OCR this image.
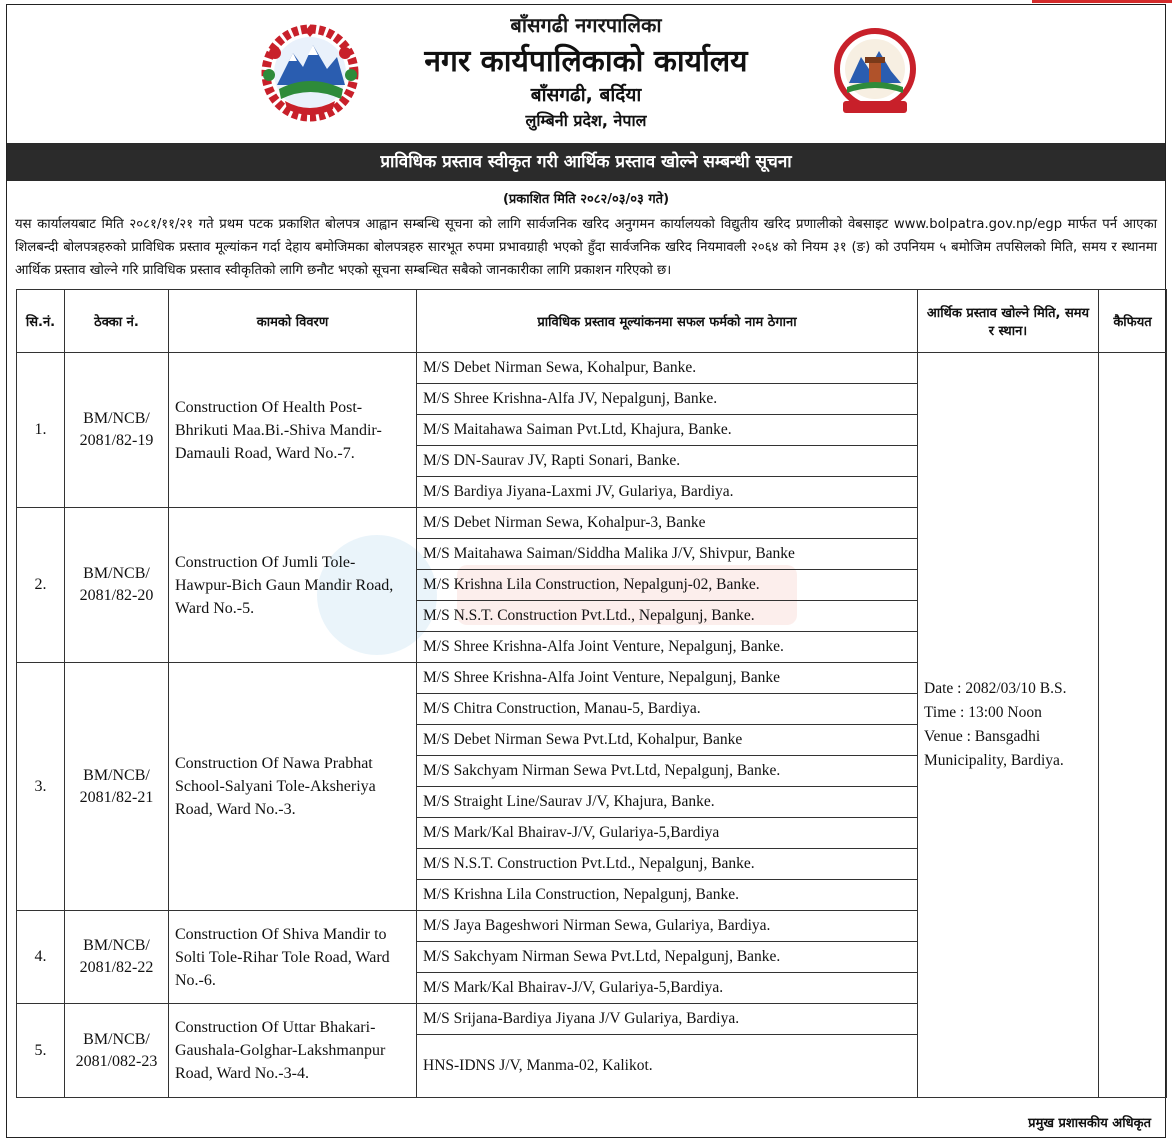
बाँसगढी नगरपालिका
नगर कार्यपालिकाको कार्यालय
बाँसगढी, बर्दिया
लुम्बिनी प्रदेश, नेपाल
प्राविधिक प्रस्ताव स्वीकृत गरी आर्थिक प्रस्ताव खोल्ने सम्बन्धी सूचना
(प्रकाशित मिति २०८२/०३/०३ गते)
यस कार्यालयबाट मिति २०८१/११/२१ गते प्रथम पटक प्रकाशित बोलपत्र आह्वान सम्बन्धि सूचना को लागि सार्वजनिक खरिद अनुगमन कार्यालयको विद्युतीय खरिद प्रणालीको वेबसाइट www.bolpatra.gov.np/egp मार्फत पर्न आएका शिलबन्दी बोलपत्रहरुको प्राविधिक प्रस्ताव मूल्यांकन गर्दा देहाय बमोजिमका बोलपत्रहरु सारभूत रुपमा प्रभावग्राही भएको हुँदा सार्वजनिक खरिद नियमावली २०६४ को नियम ३१ (ङ) को उपनियम ५ बमोजिम तपसिलको मिति, समय र स्थानमा आर्थिक प्रस्ताव खोल्ने गरि प्राविधिक प्रस्ताव स्वीकृतिको लागि छनौट भएको सूचना सम्बन्धित सबैको जानकारीका लागि प्रकाशन गरिएको छ।
सि.नं.	ठेक्का नं.	कामको विवरण	प्राविधिक प्रस्ताव मूल्यांकनमा सफल फर्मको नाम ठेगाना	आर्थिक प्रस्ताव खोल्ने मिति, समय र स्थान।	कैफियत
1.	BM/NCB/ 2081/82-19	Construction Of Health Post-Bhrikuti Maa.Bi.-Shiva Mandir-Damauli Road, Ward No.-7.	M/S Debet Nirman Sewa, Kohalpur, Banke.	Date : 2082/03/10 B.S.
Time : 13:00 Noon
Venue : Bansgadhi Municipality, Bardiya.	

			M/S Shree Krishna-Alfa JV, Nepalgunj, Banke.		
			M/S Maitahawa Saiman Pvt.Ltd, Khajura, Banke.		
			M/S DN-Saurav JV, Rapti Sonari, Banke.		
			M/S Bardiya Jiyana-Laxmi JV, Gulariya, Bardiya.		
2.	BM/NCB/ 2081/82-20	Construction Of Jumli Tole-Hawpur-Bich Gaun Mandir Road, Ward No.-5.	M/S Debet Nirman Sewa, Kohalpur-3, Banke		
			M/S Maitahawa Saiman/Siddha Malika J/V, Shivpur, Banke		
			M/S Krishna Lila Construction, Nepalgunj-02, Banke.		
			M/S N.S.T. Construction Pvt.Ltd., Nepalgunj, Banke.		
			M/S Shree Krishna-Alfa Joint Venture, Nepalgunj, Banke.		
3.	BM/NCB/ 2081/82-21	Construction Of Nawa Prabhat School-Salyani Tole-Aksheriya Road, Ward No.-3.	M/S Shree Krishna-Alfa Joint Venture, Nepalgunj, Banke		
			M/S Chitra Construction, Manau-5, Bardiya.		
			M/S Debet Nirman Sewa Pvt.Ltd, Kohalpur, Banke		
			M/S Sakchyam Nirman Sewa Pvt.Ltd, Nepalgunj, Banke.		
			M/S Straight Line/Saurav J/V, Khajura, Banke.		
			M/S Mark/Kal Bhairav-J/V, Gulariya-5,Bardiya		
			M/S N.S.T. Construction Pvt.Ltd., Nepalgunj, Banke.		
			M/S Krishna Lila Construction, Nepalgunj, Banke.		
4.	BM/NCB/ 2081/82-22	Construction Of Shiva Mandir to Solti Tole-Rihar Tole Road, Ward No.-6.	M/S Jaya Bageshwori Nirman Sewa, Gulariya, Bardiya.		
			M/S Sakchyam Nirman Sewa Pvt.Ltd, Nepalgunj, Banke.		
			M/S Mark/Kal Bhairav-J/V, Gulariya-5,Bardiya.		
5.	BM/NCB/ 2081/082-23	Construction Of Uttar Bhakari-Gaushala-Golghar-Lakshmanpur Road, Ward No.-3-4.	M/S Srijana-Bardiya Jiyana J/V Gulariya, Bardiya.		
			HNS-IDNS J/V, Manma-02, Kalikot.		
प्रमुख प्रशासकीय अधिकृत
